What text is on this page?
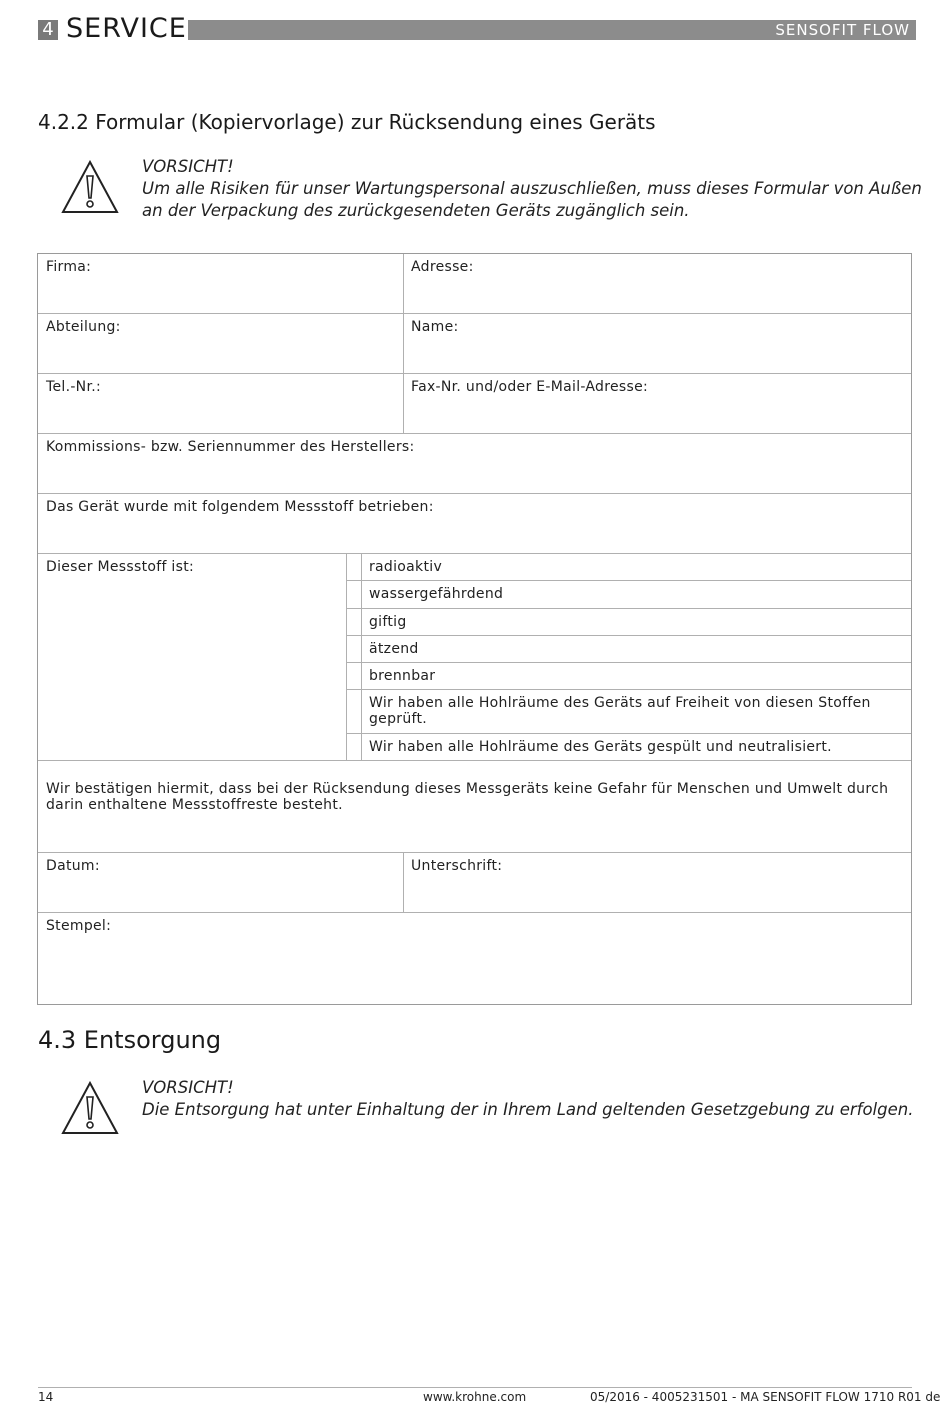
4 SERVICE	SENSOFIT FLOW
4.2.2 Formular (Kopiervorlage) zur Rücksendung eines Geräts
VORSICHT!
Um alle Risiken für unser Wartungspersonal auszuschließen, muss dieses Formular von Außen an der Verpackung des zurückgesendeten Geräts zugänglich sein.
Firma:	Adresse:
Abteilung:	Name:
Tel.-Nr.:	Fax-Nr. und/oder E-Mail-Adresse:
Kommissions- bzw. Seriennummer des Herstellers:
Das Gerät wurde mit folgendem Messstoff betrieben:
Dieser Messstoff ist:	radioaktiv
wassergefährdend
giftig
ätzend
brennbar
Wir haben alle Hohlräume des Geräts auf Freiheit von diesen Stoffen geprüft.
Wir haben alle Hohlräume des Geräts gespült und neutralisiert.
Wir bestätigen hiermit, dass bei der Rücksendung dieses Messgeräts keine Gefahr für Menschen und Umwelt durch darin enthaltene Messstoffreste besteht.
Datum:	Unterschrift:
Stempel:
4.3 Entsorgung
VORSICHT!
Die Entsorgung hat unter Einhaltung der in Ihrem Land geltenden Gesetzgebung zu erfolgen.
14	www.krohne.com	05/2016 - 4005231501 - MA SENSOFIT FLOW 1710 R01 de
